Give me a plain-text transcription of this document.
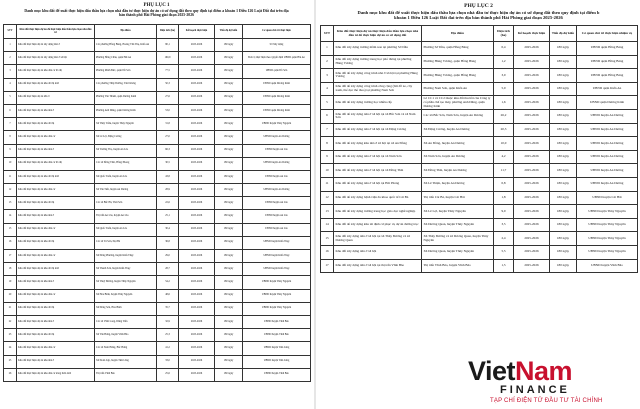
PHỤ LỤC 1
Danh mục khu đất để xuất thực hiện dấu thầu lựa chọn nhà đầu tư thực hiện dự án có sử dụng đất theo quy định tại điểm a khoản 1 Điều 126 Luật Đất đai trên địa bàn thành phố Hải Phòng giai đoạn 2025-2026
STT	Khu đất thực hiện dự án để thực hiện dấu thầu lựa chọn nhà đầu tư	Địa điểm	Diện tích (ha)	Kế hoạch thực hiện	Tiến độ dự kiến	Cơ quan chủ trì thực hiện
1	Khu đất thực hiện dự án xây dựng nhà ở	Các phường Hồng Bàng, Hoàng Văn Thụ, Kiến An	80,1	2025-2026	180 ngày	Sở Xây dựng
2	Khu đất thực hiện dự án xây dựng nhà ở xã hội	Phường Hồng Châu, quận Hải An	160,9	2025-2026	180 ngày	Đơn vị thực hiện theo Quyết định UBND quận Hải An
3	Khu đất thực hiện dự án khu dân cư đô thị	Phường Minh Đức, quận Đồ Sơn	77,5	2025-2026	180 ngày	UBND quận Đồ Sơn
4	Khu đất thực hiện dự án khu đô thị mới	Các phường Thủy Đường, Tân Dương	50,3	2025-2026	180 ngày	UBND quận Dương Kinh
5	Khu đất thực hiện dự án nhà ở	Phường Tân Thành, quận Dương Kinh	27,6	2025-2026	180 ngày	UBND quận Dương Kinh
6	Khu đất thực hiện dự án khu nhà ở	Phường Anh Dũng, quận Dương Kinh	53,0	2025-2026	180 ngày	UBND quận Dương Kinh
7	Khu đất thực hiện dự án khu đô thị	Xã Thủy Triều, huyện Thủy Nguyên	31,8	2025-2026	180 ngày	UBND huyện Thủy Nguyên
8	Khu đất thực hiện dự án khu dân cư	Xã Lê Lợi, Đặng Cương	27,0	2025-2026	180 ngày	UBND huyện An Dương
9	Khu đất thực hiện dự án khu nhà ở	Xã Trường Thọ, huyện An Lão	66,3	2025-2026	180 ngày	UBND huyện An Lão
10	Khu đất thực hiện dự án khu dân cư đô thị	Các xã Đồng Thái, Hồng Phong	30,5	2025-2026	180 ngày	UBND huyện An Dương
11	Khu đất thực hiện dự án khu đô thị mới	Xã Quốc Tuấn, huyện An Lão	43,8	2025-2026	180 ngày	UBND huyện An Lão
12	Khu đất thực hiện dự án khu dân cư	Xã Tân Tiến, huyện An Dương	28,9	2025-2026	180 ngày	UBND huyện An Dương
13	Khu đất thực hiện dự án khu đô thị	Các xã Bắc Hà, Thái Sơn	22,6	2025-2026	180 ngày	UBND huyện An Lão
14	Khu đất thực hiện dự án khu nhà ở	Thị trấn An Lão, huyện An Lão	25,1	2025-2026	180 ngày	UBND huyện An Lão
15	Khu đất thực hiện dự án khu dân cư	Xã Quốc Tuấn, huyện An Lão	30,4	2025-2026	180 ngày	UBND huyện An Lão
16	Khu đất thực hiện dự án khu đô thị	Các xã Tú Sơn, Đại Hà	36,8	2025-2026	180 ngày	UBND huyện Kiến Thụy
17	Khu đất thực hiện dự án khu dân cư	Xã Đông Phương, huyện Kiến Thụy	29,0	2025-2026	180 ngày	UBND huyện Kiến Thụy
18	Khu đất thực hiện dự án khu đô thị mới	Xã Thanh Sơn, huyện Kiến Thụy	28,7	2025-2026	180 ngày	UBND huyện Kiến Thụy
19	Khu đất thực hiện dự án khu nhà ở	Xã Thuỷ Đường, huyện Thủy Nguyên	54,2	2025-2026	180 ngày	UBND huyện Thủy Nguyên
20	Khu đất thực hiện dự án khu dân cư	Xã Hòa Bình, huyện Thủy Nguyên	48,6	2025-2026	180 ngày	UBND huyện Thủy Nguyên
21	Khu đất thực hiện dự án khu đô thị	Xã Đông Sơn, Hòa Bình	35,7	2025-2026	180 ngày	UBND huyện Thủy Nguyên
22	Khu đất thực hiện dự án khu nhà ở	Các xã Vĩnh Long, Dũng Tiến	32,9	2025-2026	180 ngày	UBND huyện Vĩnh Bảo
23	Khu đất thực hiện dự án khu đô thị	Xã Tân Hưng, huyện Vĩnh Bảo	25,3	2025-2026	180 ngày	UBND huyện Vĩnh Bảo
24	Khu đất thực hiện dự án khu dân cư	Các xã Nam Hưng, Bắc Hưng	41,2	2025-2026	180 ngày	UBND huyện Tiên Lãng
25	Khu đất thực hiện dự án khu nhà ở	Xã Đoàn Lập, huyện Tiên Lãng	33,0	2025-2026	180 ngày	UBND huyện Tiên Lãng
26	Khu đất thực hiện dự án khu dân cư nông thôn mới	Thị trấn Vĩnh Bảo	25,6	2025-2026	180 ngày	UBND huyện Vĩnh Bảo
PHỤ LỤC 2
Danh mục khu đất để xuất thực hiện dấu thầu lựa chọn nhà đầu tư thực hiện dự án có sử dụng đất theo quy định tại điểm b khoản 1 Điều 126 Luật Đất đai trên địa bàn thành phố Hải Phòng giai đoạn 2025-2026
STT	Khu đất thực hiện dự án thực hiện dấu thầu lựa chọn nhà đầu tư để thực hiện dự án có sử dụng đất	Địa điểm	Diện tích (ha)	Kế hoạch thực hiện	Tiến độ dự kiến	Cơ quan chủ trì thực hiện nhiệm vụ
1	Khu đất xây dựng trường mầm non tại phường Sở Dầu	Phường Sở Dầu, quận Hồng Bàng	0,4	2025-2026	180 ngày	UBND quận Hồng Bàng
2	Khu đất xây dựng trường trung học phổ thông tại phường Hùng Vương	Phường Hùng Vương, quận Hồng Bàng	1,2	2025-2026	180 ngày	UBND quận Hồng Bàng
3	Khu đất để xây dựng công trình nhà ở xã hội tại phường Hùng Vương	Phường Hùng Vương, quận Hồng Bàng	3,0	2025-2026	180 ngày	UBND quận Hồng Bàng
4	Khu đất để xây dựng công trình công cộng (bãi đỗ xe, cây xanh, thể dục thể thao) tại phường Nam Sơn	Phường Nam Sơn, quận Kiến An	5,0	2025-2026	180 ngày	UBND quận Kiến An
5	Khu đất để xây dựng trường học nhiều cấp	Lô CC1 và CC2 thuộc khu đất thu hồi của Công ty cổ phần chế tạo máy, phường Anh Dũng, quận Dương Kinh	1,6	2025-2026	180 ngày	UBND quận Dương Kinh
6	Khu đất để xây dựng nhà ở xã hội tại xã Bắc Sơn và xã Nam Sơn	Các xã Bắc Sơn, Nam Sơn, huyện An Dương	26,2	2025-2026	180 ngày	UBND huyện An Dương
7	Khu đất để xây dựng nhà ở xã hội tại xã Đặng Cương	Xã Đặng Cương, huyện An Dương	20,3	2025-2026	180 ngày	UBND huyện An Dương
8	Khu đất để xây dựng khu nhà ở xã hội tại xã An Đồng	Xã An Đồng, huyện An Dương	10,0	2025-2026	180 ngày	UBND huyện An Dương
9	Khu đất để xây dựng nhà ở xã hội tại xã Nam Sơn	Xã Nam Sơn, huyện An Dương	4,2	2025-2026	180 ngày	UBND huyện An Dương
10	Khu đất để xây dựng nhà ở xã hội tại xã Đồng Thái	Xã Đồng Thái, huyện An Dương	11,7	2025-2026	180 ngày	UBND huyện An Dương
11	Khu đất để xây dựng nhà ở xã hội tại Hải Phòng	Xã Lê Thiện, huyện An Dương	0,8	2025-2026	180 ngày	UBND huyện An Dương
12	Khu đất để xây dựng bệnh viện đa khoa quốc tế Cát Bà	Thị trấn Cát Bà, huyện Cát Hải	1,8	2025-2026	180 ngày	UBND huyện Cát Hải
13	Khu đất để xây dựng trường trung học giáo dục nghề nghiệp	Xã Lê Lợi, huyện Thủy Nguyên	9,0	2025-2026	180 ngày	UBND huyện Thủy Nguyên
14	Khu đất để xây dựng khu tái định cư phục vụ dự án đường trục	Xã Dương Quan, huyện Thủy Nguyên	3,5	2025-2026	180 ngày	UBND huyện Thủy Nguyên
15	Khu đất xây dựng nhà ở xã hội tại xã Thủy Đường và xã Dương Quan	Xã Thủy Đường và xã Dương Quan, huyện Thủy Nguyên	2,4	2025-2026	180 ngày	UBND huyện Thủy Nguyên
16	Khu đất xây dựng nhà ở xã hội	Xã Dương Quan, huyện Thủy Nguyên	5,5	2025-2026	180 ngày	UBND huyện Thủy Nguyên
17	Khu đất xây dựng nhà ở xã hội tại thị trấn Vĩnh Bảo	Thị trấn Vĩnh Bảo, huyện Vĩnh Bảo	1,5	2025-2026	180 ngày	UBND huyện Vĩnh Bảo
VietNam
FINANCE
TẠP CHÍ ĐIỆN TỬ ĐẦU TƯ TÀI CHÍNH
